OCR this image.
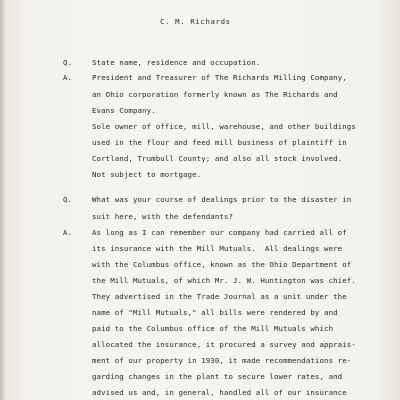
C. M. Richards
Q.	State name, residence and occupation.
A.	President and Treasurer of The Richards Milling Company,
an Ohio corporation formerly known as The Richards and
Evans Company.
Sole owner of office, mill, warehouse, and other buildings
used in the flour and feed mill business of plaintiff in
Cortland, Trumbull County; and also all stock involved.
Not subject to mortgage.
Q.	What was your course of dealings prior to the disaster in
suit here, with the defendants?
A.	As long as I can remember our company had carried all of
its insurance with the Mill Mutuals.  All dealings were
with the Columbus office, known as the Ohio Department of
the Mill Mutuals, of which Mr. J. W. Huntington was chief.
They advertised in the Trade Journal as a unit under the
name of "Mill Mutuals," all bills were rendered by and
paid to the Columbus office of the Mill Mutuals which
allocated the insurance, it procured a survey and apprais-
ment of our property in 1930, it made recommendations re-
garding changes in the plant to secure lower rates, and
advised us and, in general, handled all of our insurance
